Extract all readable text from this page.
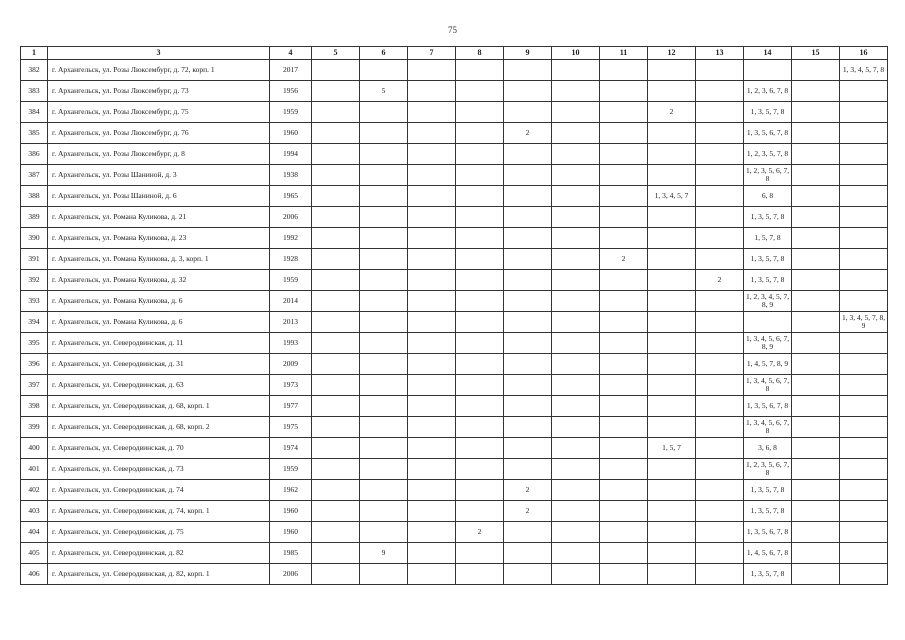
75
1	3	4	5	6	7	8	9	10	11	12	13	14	15	16
382	г. Архангельск, ул. Розы Люксембург, д. 72, корп. 1	2017												1, 3, 4, 5, 7, 8
383	г. Архангельск, ул. Розы Люксембург, д. 73	1956		5								1, 2, 3, 6, 7, 8		
384	г. Архангельск, ул. Розы Люксембург, д. 75	1959								2		1, 3, 5, 7, 8		
385	г. Архангельск, ул. Розы Люксембург, д. 76	1960					2					1, 3, 5, 6, 7, 8		
386	г. Архангельск, ул. Розы Люксембург, д. 8	1994										1, 2, 3, 5, 7, 8		
387	г. Архангельск, ул. Розы Шаниной, д. 3	1938										1, 2, 3, 5, 6, 7, 8		
388	г. Архангельск, ул. Розы Шаниной, д. 6	1965								1, 3, 4, 5, 7		6, 8		
389	г. Архангельск, ул. Романа Куликова, д. 21	2006										1, 3, 5, 7, 8		
390	г. Архангельск, ул. Романа Куликова, д. 23	1992										1, 5, 7, 8		
391	г. Архангельск, ул. Романа Куликова, д. 3, корп. 1	1928							2			1, 3, 5, 7, 8		
392	г. Архангельск, ул. Романа Куликова, д. 32	1959									2	1, 3, 5, 7, 8		
393	г. Архангельск, ул. Романа Куликова, д. 6	2014										1, 2, 3, 4, 5, 7, 8, 9		
394	г. Архангельск, ул. Романа Куликова, д. 6	2013												1, 3, 4, 5, 7, 8, 9
395	г. Архангельск, ул. Северодвинская, д. 11	1993										1, 3, 4, 5, 6, 7, 8, 9		
396	г. Архангельск, ул. Северодвинская, д. 31	2009										1, 4, 5, 7, 8, 9		
397	г. Архангельск, ул. Северодвинская, д. 63	1973										1, 3, 4, 5, 6, 7, 8		
398	г. Архангельск, ул. Северодвинская, д. 68, корп. 1	1977										1, 3, 5, 6, 7, 8		
399	г. Архангельск, ул. Северодвинская, д. 68, корп. 2	1975										1, 3, 4, 5, 6, 7, 8		
400	г. Архангельск, ул. Северодвинская, д. 70	1974								1, 5, 7		3, 6, 8		
401	г. Архангельск, ул. Северодвинская, д. 73	1959										1, 2, 3, 5, 6, 7, 8		
402	г. Архангельск, ул. Северодвинская, д. 74	1962					2					1, 3, 5, 7, 8		
403	г. Архангельск, ул. Северодвинская, д. 74, корп. 1	1960					2					1, 3, 5, 7, 8		
404	г. Архангельск, ул. Северодвинская, д. 75	1960				2						1, 3, 5, 6, 7, 8		
405	г. Архангельск, ул. Северодвинская, д. 82	1985		9								1, 4, 5, 6, 7, 8		
406	г. Архангельск, ул. Северодвинская, д. 82, корп. 1	2006										1, 3, 5, 7, 8		
